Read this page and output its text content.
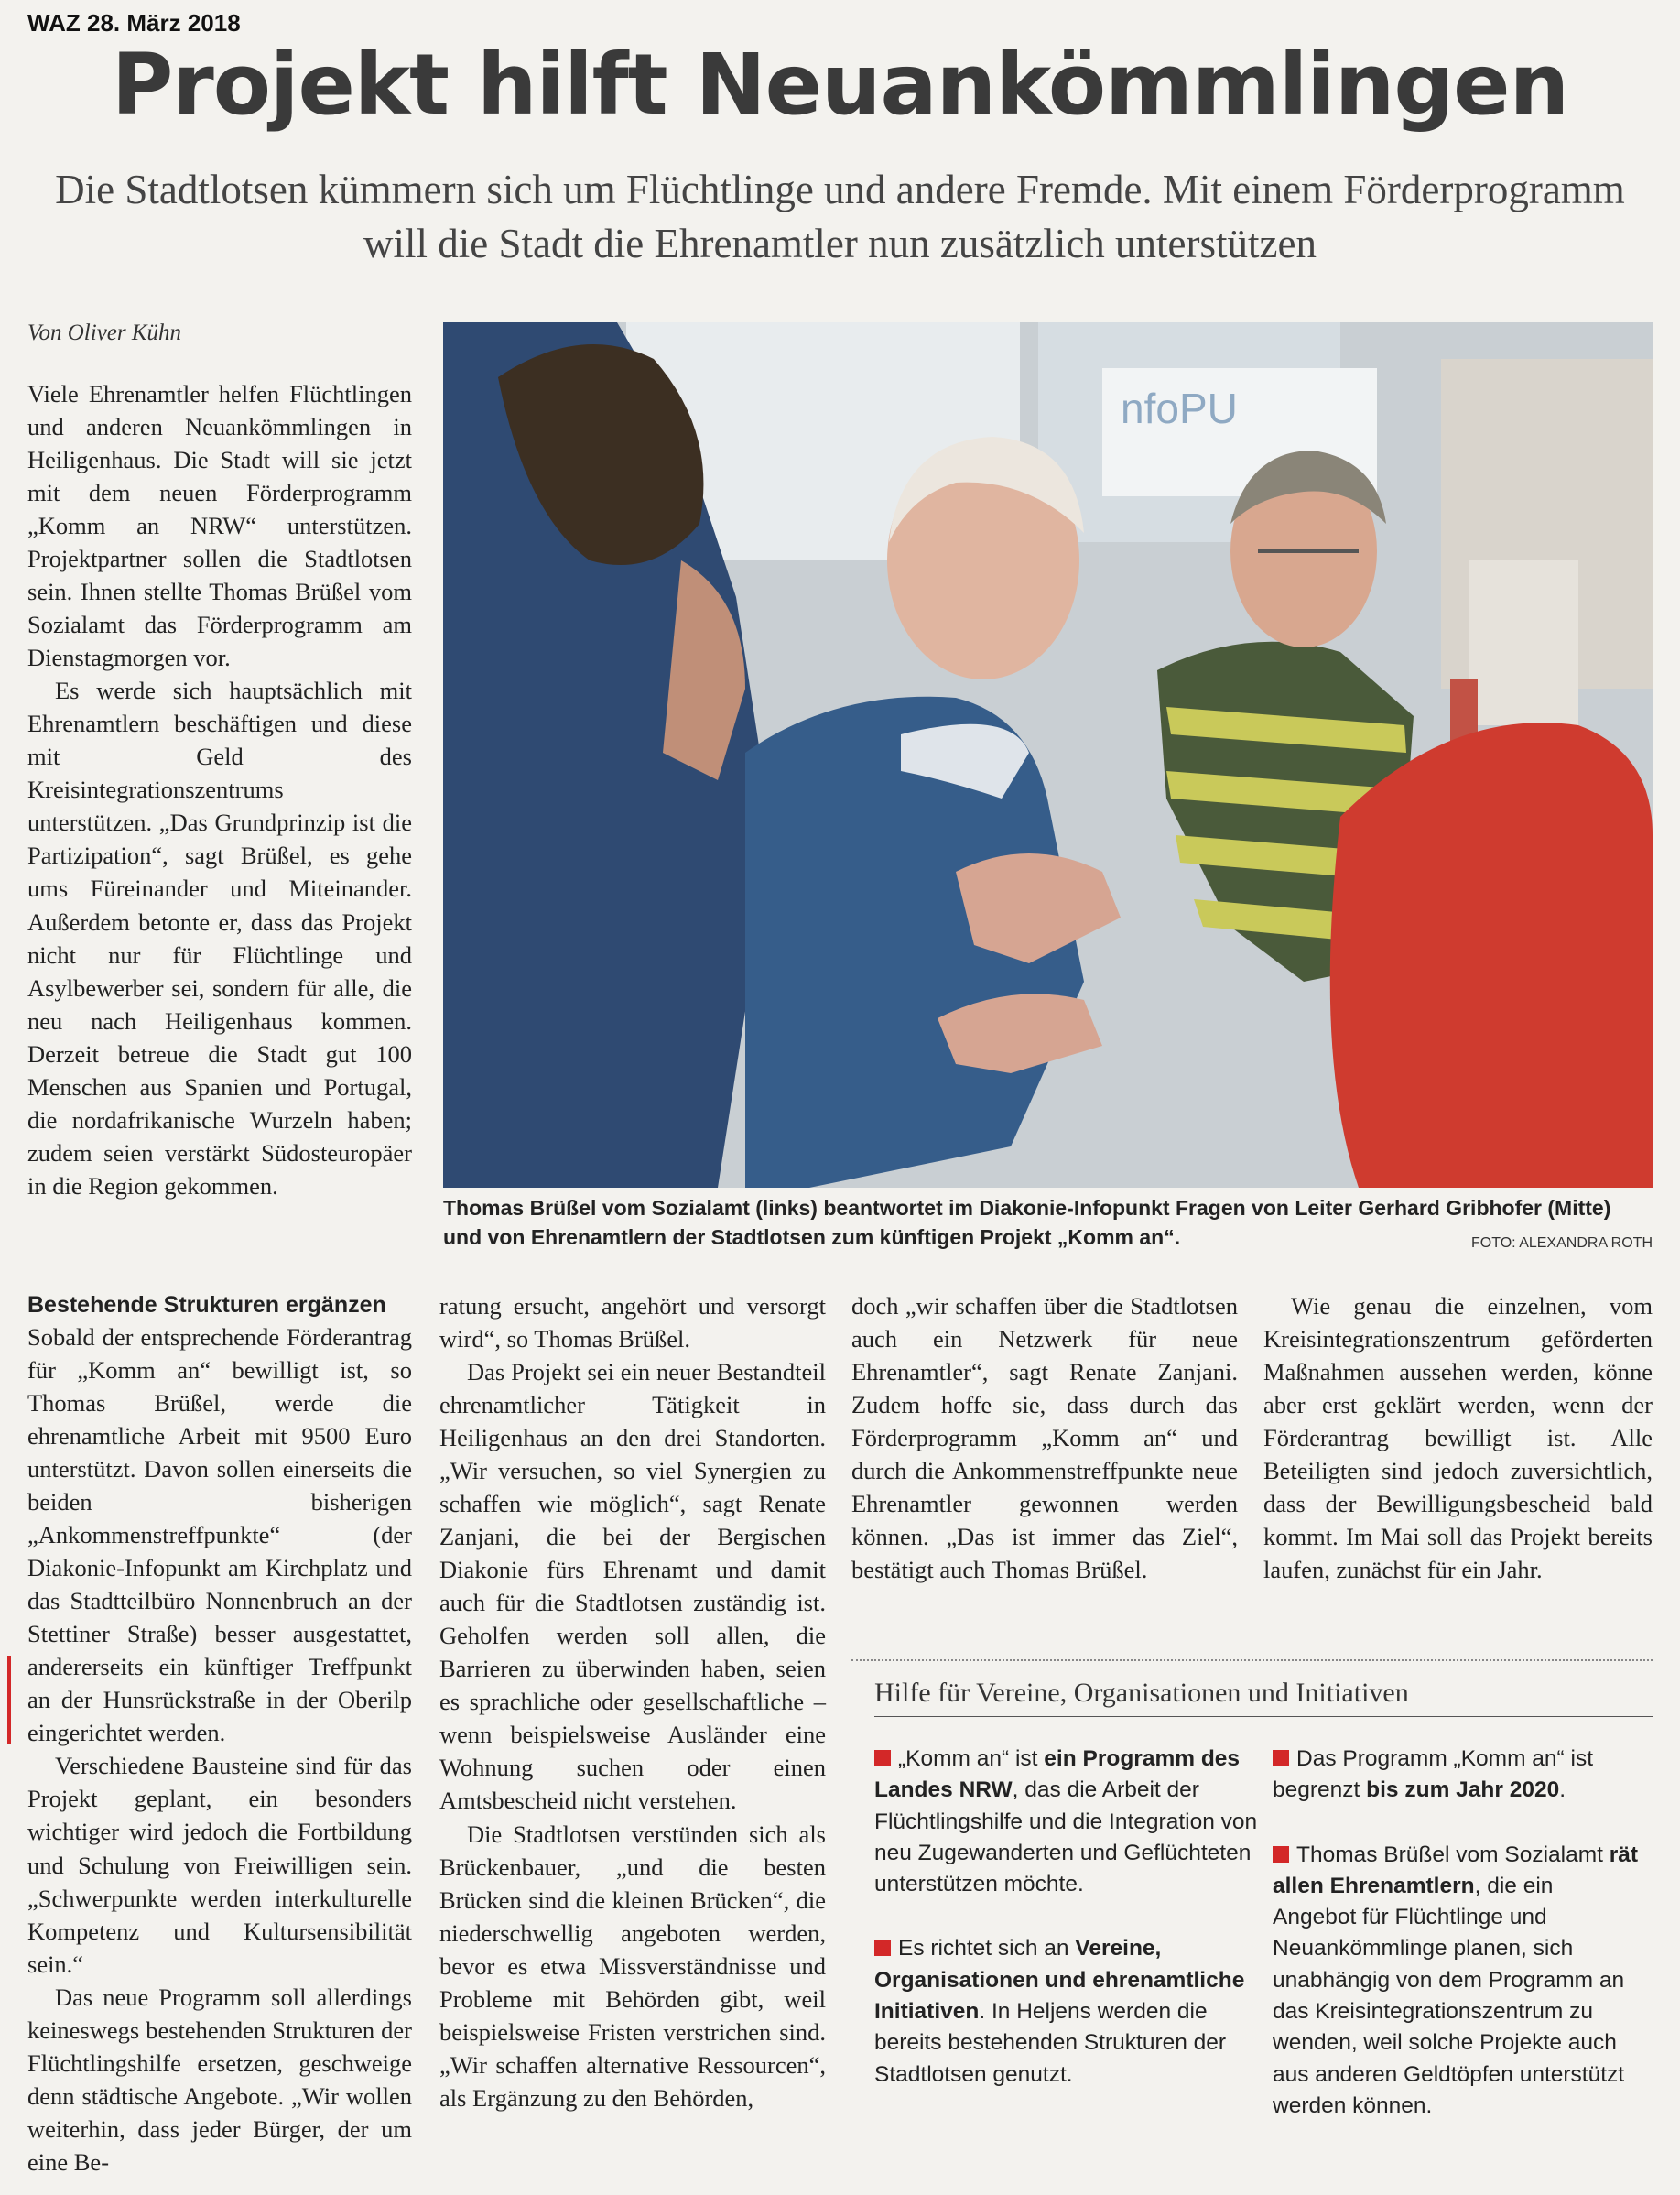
WAZ 28. März 2018
Projekt hilft Neuankömmlingen
Die Stadtlotsen kümmern sich um Flüchtlinge und andere Fremde. Mit einem Förderprogramm will die Stadt die Ehrenamtler nun zusätzlich unterstützen
Von Oliver Kühn

Viele Ehrenamtler helfen Flüchtlingen und anderen Neuankömmlingen in Heiligenhaus. Die Stadt will sie jetzt mit dem neuen Förderprogramm „Komm an NRW“ unterstützen. Projektpartner sollen die Stadtlotsen sein. Ihnen stellte Thomas Brüßel vom Sozialamt das Förderprogramm am Dienstagmorgen vor.

Es werde sich hauptsächlich mit Ehrenamtlern beschäftigen und diese mit Geld des Kreisintegrationszentrums unterstützen. „Das Grundprinzip ist die Partizipation“, sagt Brüßel, es gehe ums Füreinander und Miteinander. Außerdem betonte er, dass das Projekt nicht nur für Flüchtlinge und Asylbewerber sei, sondern für alle, die neu nach Heiligenhaus kommen. Derzeit betreue die Stadt gut 100 Menschen aus Spanien und Portugal, die nordafrikanische Wurzeln haben; zudem seien verstärkt Südosteuropäer in die Region gekommen.

Bestehende Strukturen ergänzen

Sobald der entsprechende Förderantrag für „Komm an“ bewilligt ist, so Thomas Brüßel, werde die ehrenamtliche Arbeit mit 9500 Euro unterstützt. Davon sollen einerseits die beiden bisherigen „Ankommenstreffpunkte“ (der Diakonie-Infopunkt am Kirchplatz und das Stadtteilbüro Nonnenbruch an der Stettiner Straße) besser ausgestattet, andererseits ein künftiger Treffpunkt an der Hunsrückstraße in der Oberilp eingerichtet werden.

Verschiedene Bausteine sind für das Projekt geplant, ein besonders wichtiger wird jedoch die Fortbildung und Schulung von Freiwilligen sein. „Schwerpunkte werden interkulturelle Kompetenz und Kultursensibilität sein.“

Das neue Programm soll allerdings keineswegs bestehenden Strukturen der Flüchtlingshilfe ersetzen, geschweige denn städtische Angebote. „Wir wollen weiterhin, dass jeder Bürger, der um eine Be-

ratung ersucht, angehört und versorgt wird“, so Thomas Brüßel.

Das Projekt sei ein neuer Bestandteil ehrenamtlicher Tätigkeit in Heiligenhaus an den drei Standorten. „Wir versuchen, so viel Synergien zu schaffen wie möglich“, sagt Renate Zanjani, die bei der Bergischen Diakonie fürs Ehrenamt und damit auch für die Stadtlotsen zuständig ist. Geholfen werden soll allen, die Barrieren zu überwinden haben, seien es sprachliche oder gesellschaftliche – wenn beispielsweise Ausländer eine Wohnung suchen oder einen Amtsbescheid nicht verstehen.

Die Stadtlotsen verstünden sich als Brückenbauer, „und die besten Brücken sind die kleinen Brücken“, die niederschwellig angeboten werden, bevor es etwa Missverständnisse und Probleme mit Behörden gibt, weil beispielsweise Fristen verstrichen sind. „Wir schaffen alternative Ressourcen“, als Ergänzung zu den Behörden,

doch „wir schaffen über die Stadtlotsen auch ein Netzwerk für neue Ehrenamtler“, sagt Renate Zanjani. Zudem hoffe sie, dass durch das Förderprogramm „Komm an“ und durch die Ankommenstreffpunkte neue Ehrenamtler gewonnen werden können. „Das ist immer das Ziel“, bestätigt auch Thomas Brüßel.

Wie genau die einzelnen, vom Kreisintegrationszentrum geförderten Maßnahmen aussehen werden, könne aber erst geklärt werden, wenn der Förderantrag bewilligt ist. Alle Beteiligten sind jedoch zuversichtlich, dass der Bewilligungsbescheid bald kommt. Im Mai soll das Projekt bereits laufen, zunächst für ein Jahr.

nfoPU
Thomas Brüßel vom Sozialamt (links) beantwortet im Diakonie-Infopunkt Fragen von Leiter Gerhard Gribhofer (Mitte) und von Ehrenamtlern der Stadtlotsen zum künftigen Projekt „Komm an“.	FOTO: ALEXANDRA ROTH
Hilfe für Vereine, Organisationen und Initiativen

„Komm an“ ist ein Programm des Landes NRW, das die Arbeit der Flüchtlingshilfe und die Integration von neu Zugewanderten und Geflüchteten unterstützen möchte.

Es richtet sich an Vereine, Organisationen und ehrenamtliche Initiativen. In Heljens werden die bereits bestehenden Strukturen der Stadtlotsen genutzt.

Das Programm „Komm an“ ist begrenzt bis zum Jahr 2020.

Thomas Brüßel vom Sozialamt rät allen Ehrenamtlern, die ein Angebot für Flüchtlinge und Neuankömmlinge planen, sich unabhängig von dem Programm an das Kreisintegrationszentrum zu wenden, weil solche Projekte auch aus anderen Geldtöpfen unterstützt werden können.
